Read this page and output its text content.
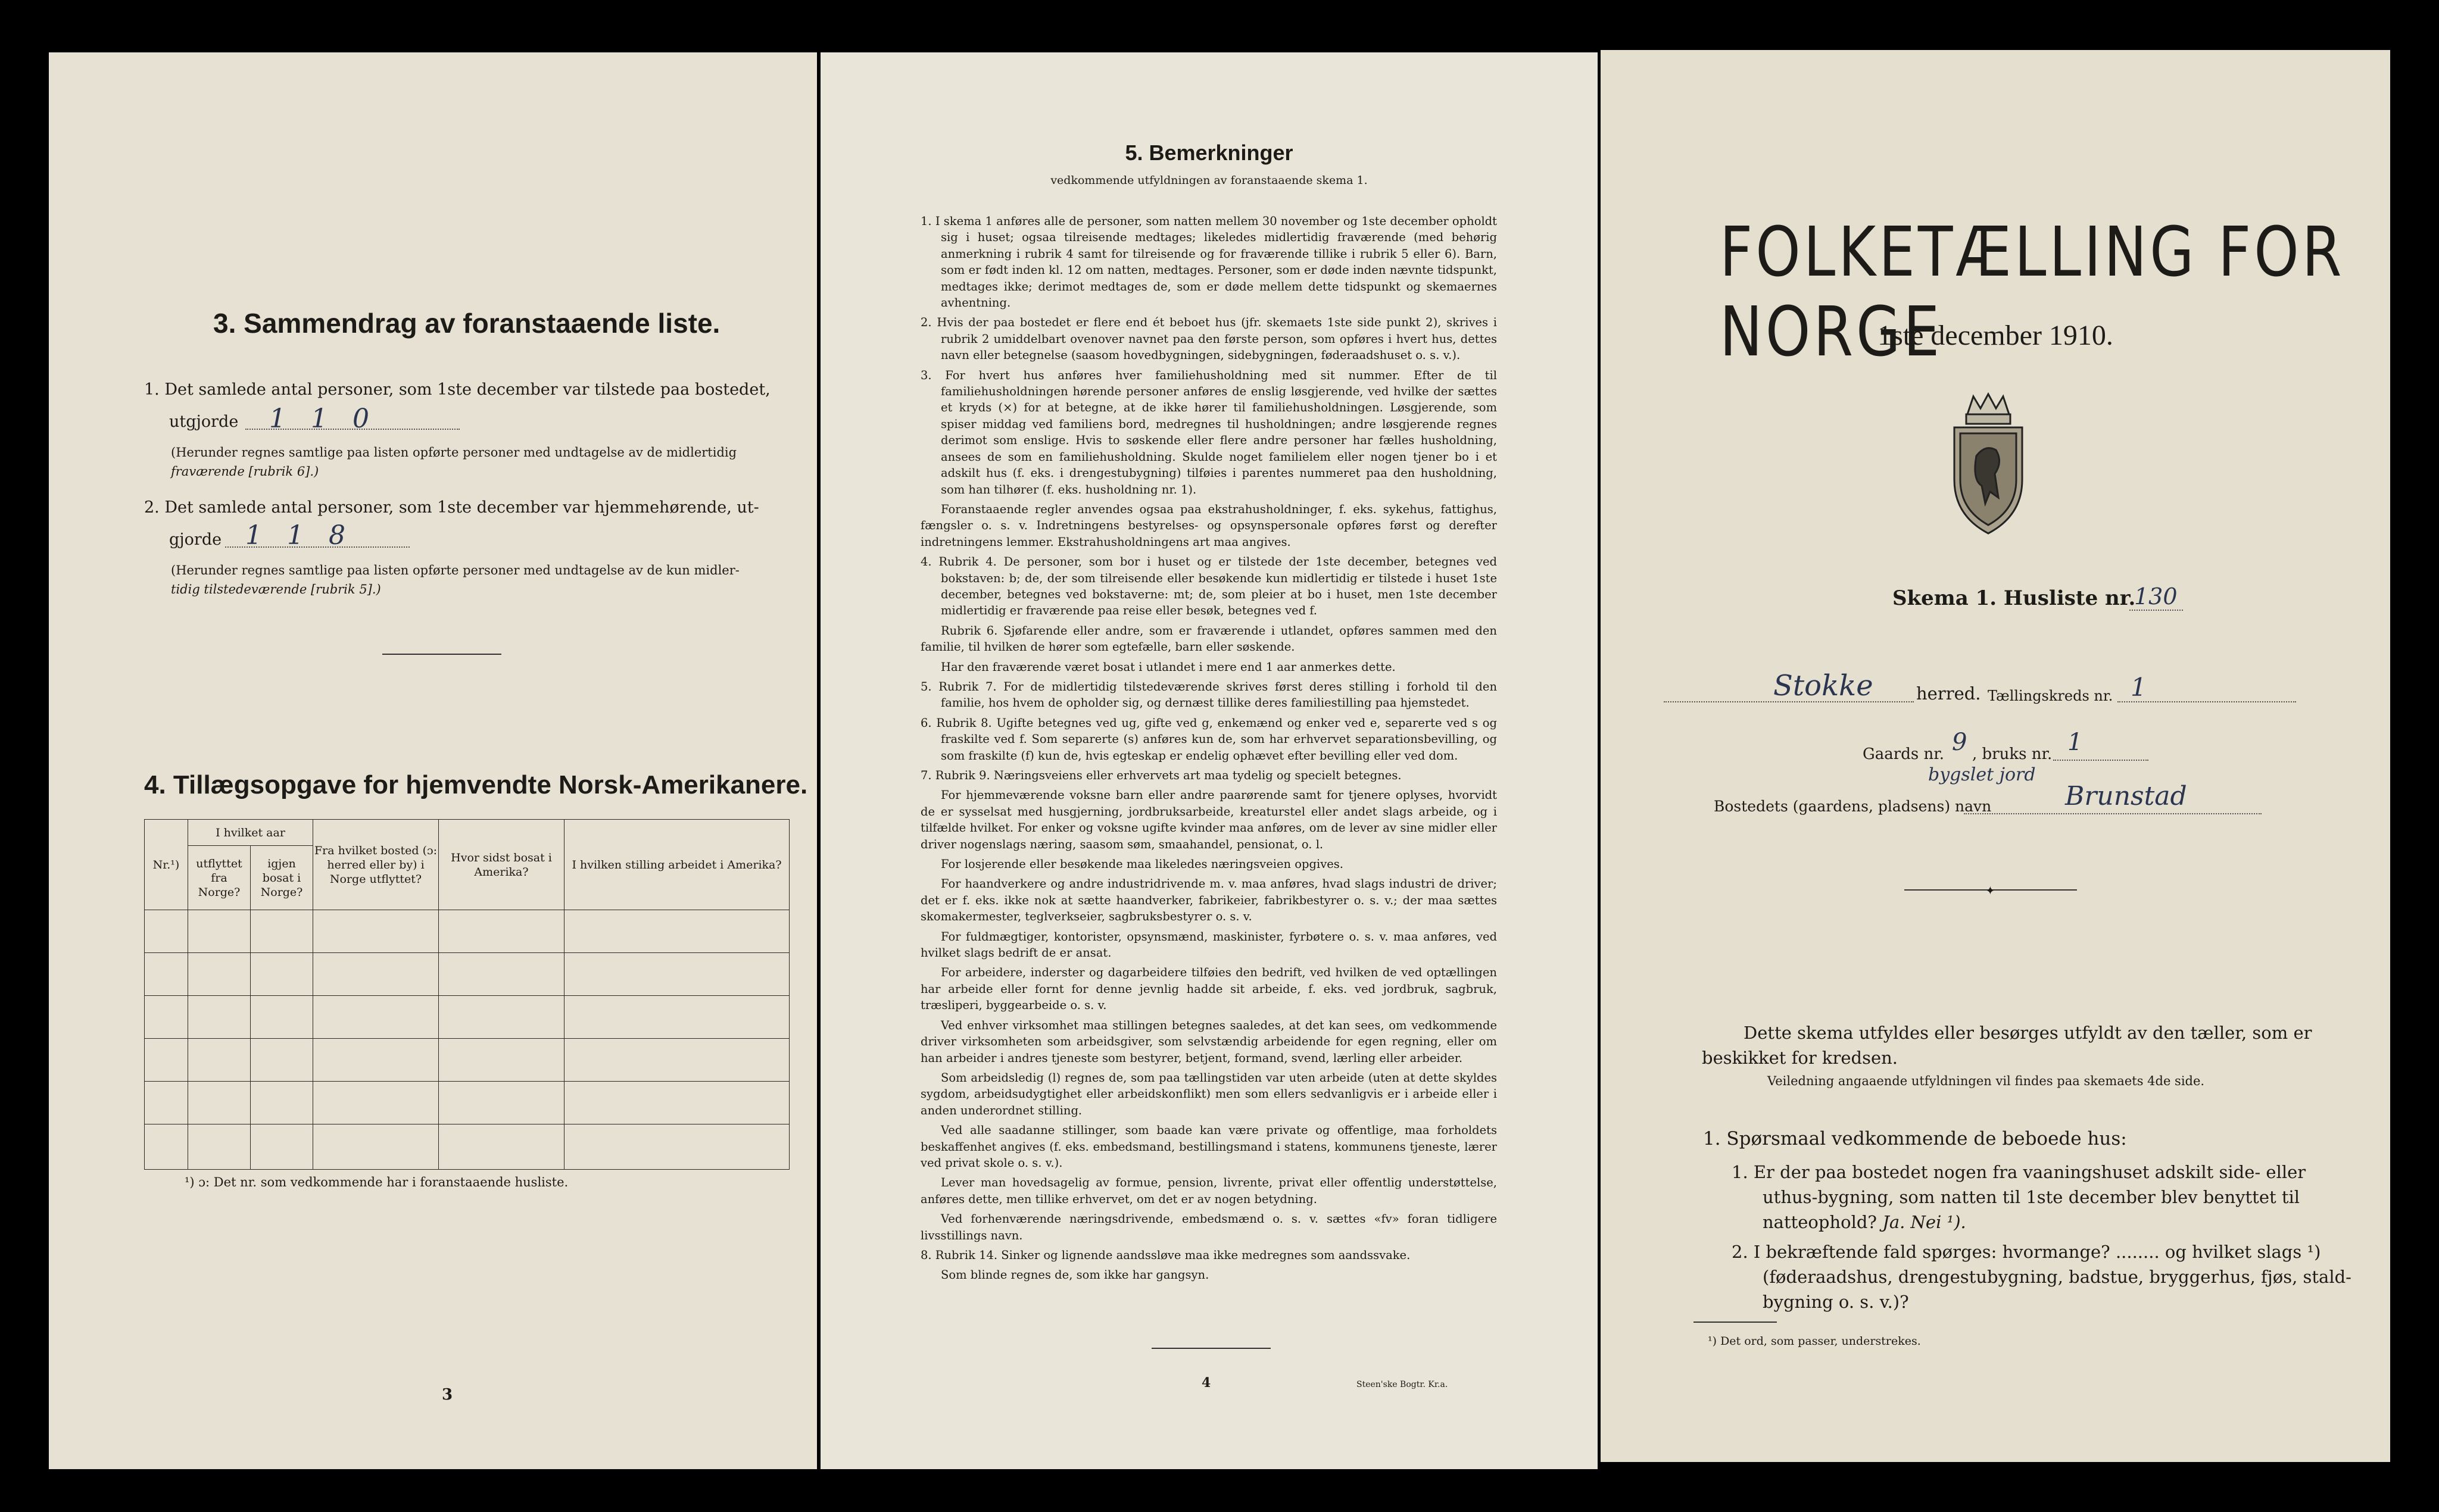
3. Sammendrag av foranstaaende liste.
1. Det samlede antal personer, som 1ste december var tilstede paa bostedet,
utgjorde 1 1 0
(Herunder regnes samtlige paa listen opførte personer med undtagelse av de midlertidig
fraværende [rubrik 6].)
2. Det samlede antal personer, som 1ste december var hjemmehørende, ut-
gjorde 1 1 8
(Herunder regnes samtlige paa listen opførte personer med undtagelse av de kun midler-
tidig tilstedeværende [rubrik 5].)
4. Tillægsopgave for hjemvendte Norsk-Amerikanere.
Nr.¹)	I hvilket aar		Fra hvilket bosted (ɔ: herred eller by) i Norge utflyttet?	Hvor sidst bosat i Amerika?	I hvilken stilling arbeidet i Amerika?
	utflyttet fra Norge?	igjen bosat i Norge?			

¹) ɔ: Det nr. som vedkommende har i foranstaaende husliste.
3
5. Bemerkninger
vedkommende utfyldningen av foranstaaende skema 1.

1. I skema 1 anføres alle de personer, som natten mellem 30 november og 1ste december opholdt sig i huset; ogsaa tilreisende medtages; likeledes midlertidig fraværende (med behørig anmerkning i rubrik 4 samt for tilreisende og for fraværende tillike i rubrik 5 eller 6). Barn, som er født inden kl. 12 om natten, medtages. Personer, som er døde inden nævnte tidspunkt, medtages ikke; derimot medtages de, som er døde mellem dette tidspunkt og skemaernes avhentning.

2. Hvis der paa bostedet er flere end ét beboet hus (jfr. skemaets 1ste side punkt 2), skrives i rubrik 2 umiddelbart ovenover navnet paa den første person, som opføres i hvert hus, dettes navn eller betegnelse (saasom hovedbygningen, sidebygningen, føderaadshuset o. s. v.).

3. For hvert hus anføres hver familiehusholdning med sit nummer. Efter de til familiehusholdningen hørende personer anføres de enslig løsgjerende, ved hvilke der sættes et kryds (×) for at betegne, at de ikke hører til familiehusholdningen. Løsgjerende, som spiser middag ved familiens bord, medregnes til husholdningen; andre løsgjerende regnes derimot som enslige. Hvis to søskende eller flere andre personer har fælles husholdning, ansees de som en familiehusholdning. Skulde noget familielem eller nogen tjener bo i et adskilt hus (f. eks. i drengestubygning) tilføies i parentes nummeret paa den husholdning, som han tilhører (f. eks. husholdning nr. 1).

Foranstaaende regler anvendes ogsaa paa ekstrahusholdninger, f. eks. sykehus, fattighus, fængsler o. s. v. Indretningens bestyrelses- og opsynspersonale opføres først og derefter indretningens lemmer. Ekstrahusholdningens art maa angives.

4. Rubrik 4. De personer, som bor i huset og er tilstede der 1ste december, betegnes ved bokstaven: b; de, der som tilreisende eller besøkende kun midlertidig er tilstede i huset 1ste december, betegnes ved bokstaverne: mt; de, som pleier at bo i huset, men 1ste december midlertidig er fraværende paa reise eller besøk, betegnes ved f.

Rubrik 6. Sjøfarende eller andre, som er fraværende i utlandet, opføres sammen med den familie, til hvilken de hører som egtefælle, barn eller søskende.

Har den fraværende været bosat i utlandet i mere end 1 aar anmerkes dette.

5. Rubrik 7. For de midlertidig tilstedeværende skrives først deres stilling i forhold til den familie, hos hvem de opholder sig, og dernæst tillike deres familiestilling paa hjemstedet.

6. Rubrik 8. Ugifte betegnes ved ug, gifte ved g, enkemænd og enker ved e, separerte ved s og fraskilte ved f. Som separerte (s) anføres kun de, som har erhvervet separationsbevilling, og som fraskilte (f) kun de, hvis egteskap er endelig ophævet efter bevilling eller ved dom.

7. Rubrik 9. Næringsveiens eller erhvervets art maa tydelig og specielt betegnes.

For hjemmeværende voksne barn eller andre paarørende samt for tjenere oplyses, hvorvidt de er sysselsat med husgjerning, jordbruksarbeide, kreaturstel eller andet slags arbeide, og i tilfælde hvilket. For enker og voksne ugifte kvinder maa anføres, om de lever av sine midler eller driver nogenslags næring, saasom søm, smaahandel, pensionat, o. l.

For losjerende eller besøkende maa likeledes næringsveien opgives.

For haandverkere og andre industridrivende m. v. maa anføres, hvad slags industri de driver; det er f. eks. ikke nok at sætte haandverker, fabrikeier, fabrikbestyrer o. s. v.; der maa sættes skomakermester, teglverkseier, sagbruksbestyrer o. s. v.

For fuldmægtiger, kontorister, opsynsmænd, maskinister, fyrbøtere o. s. v. maa anføres, ved hvilket slags bedrift de er ansat.

For arbeidere, inderster og dagarbeidere tilføies den bedrift, ved hvilken de ved optællingen har arbeide eller fornt for denne jevnlig hadde sit arbeide, f. eks. ved jordbruk, sagbruk, træsliperi, byggearbeide o. s. v.

Ved enhver virksomhet maa stillingen betegnes saaledes, at det kan sees, om vedkommende driver virksomheten som arbeidsgiver, som selvstændig arbeidende for egen regning, eller om han arbeider i andres tjeneste som bestyrer, betjent, formand, svend, lærling eller arbeider.

Som arbeidsledig (l) regnes de, som paa tællingstiden var uten arbeide (uten at dette skyldes sygdom, arbeidsudygtighet eller arbeidskonflikt) men som ellers sedvanligvis er i arbeide eller i anden underordnet stilling.

Ved alle saadanne stillinger, som baade kan være private og offentlige, maa forholdets beskaffenhet angives (f. eks. embedsmand, bestillingsmand i statens, kommunens tjeneste, lærer ved privat skole o. s. v.).

Lever man hovedsagelig av formue, pension, livrente, privat eller offentlig understøttelse, anføres dette, men tillike erhvervet, om det er av nogen betydning.

Ved forhenværende næringsdrivende, embedsmænd o. s. v. sættes «fv» foran tidligere livsstillings navn.

8. Rubrik 14. Sinker og lignende aandssløve maa ikke medregnes som aandssvake.

Som blinde regnes de, som ikke har gangsyn.

4	Steen'ske Bogtr. Kr.a.
FOLKETÆLLING FOR NORGE
1ste december 1910.
Skema 1. Husliste nr.
130
Stokke herred. Tællingskreds nr. 1
Gaards nr. 9 , bruks nr. 1
bygslet jord
Bostedets (gaardens, pladsens) navn	Brunstad
✦
Dette skema utfyldes eller besørges utfyldt av den tæller, som er
beskikket for kredsen.
Veiledning angaaende utfyldningen vil findes paa skemaets 4de side.
1. Spørsmaal vedkommende de beboede hus:
1. Er der paa bostedet nogen fra vaaningshuset adskilt side- eller
uthus-bygning, som natten til 1ste december blev benyttet til
natteophold? Ja. Nei ¹).
2. I bekræftende fald spørges: hvormange? ........ og hvilket slags ¹)
(føderaadshus, drengestubygning, badstue, bryggerhus, fjøs, stald-
bygning o. s. v.)?
¹) Det ord, som passer, understrekes.
